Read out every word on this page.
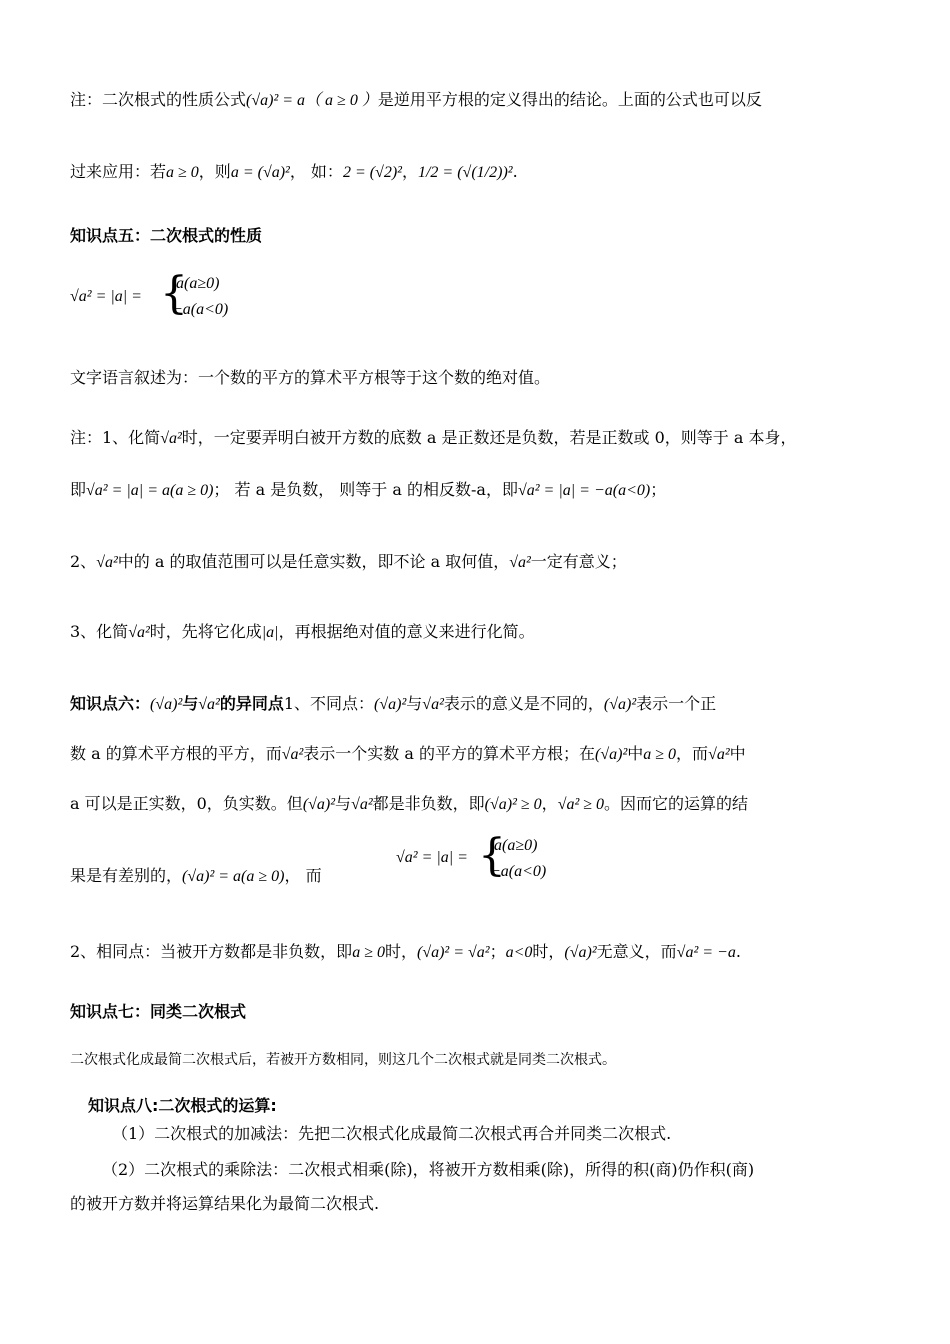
注：二次根式的性质公式(√a)² = a（ a ≥ 0 ）是逆用平方根的定义得出的结论。上面的公式也可以反
过来应用：若a ≥ 0，则a = (√a)²， 如：2 = (√2)²，1/2 = (√(1/2))².
知识点五：二次根式的性质
√a² = |a| = {
a(a≥0)
−a(a<0)
文字语言叙述为：一个数的平方的算术平方根等于这个数的绝对值。
注：1、化简√a²时，一定要弄明白被开方数的底数 a 是正数还是负数，若是正数或 0，则等于 a 本身，
即√a² = |a| = a(a ≥ 0)； 若 a 是负数， 则等于 a 的相反数-a，即√a² = |a| = −a(a<0)；
2、√a²中的 a 的取值范围可以是任意实数，即不论 a 取何值，√a²一定有意义；
3、化简√a²时，先将它化成|a|，再根据绝对值的意义来进行化简。
知识点六：(√a)²与√a²的异同点1、不同点：(√a)²与√a²表示的意义是不同的，(√a)²表示一个正
数 a 的算术平方根的平方，而√a²表示一个实数 a 的平方的算术平方根；在(√a)²中a ≥ 0，而√a²中
a 可以是正实数，0，负实数。但(√a)²与√a²都是非负数，即(√a)² ≥ 0，√a² ≥ 0。因而它的运算的结
果是有差别的，(√a)² = a(a ≥ 0)， 而
√a² = |a| = {
a(a≥0)
−a(a<0)
2、相同点：当被开方数都是非负数，即a ≥ 0时，(√a)² = √a²；a<0时，(√a)²无意义，而√a² = −a.
知识点七：同类二次根式
二次根式化成最简二次根式后，若被开方数相同，则这几个二次根式就是同类二次根式。
知识点八:二次根式的运算:
（1）二次根式的加减法：先把二次根式化成最简二次根式再合并同类二次根式.
（2）二次根式的乘除法：二次根式相乘(除)，将被开方数相乘(除)，所得的积(商)仍作积(商)
的被开方数并将运算结果化为最简二次根式.
